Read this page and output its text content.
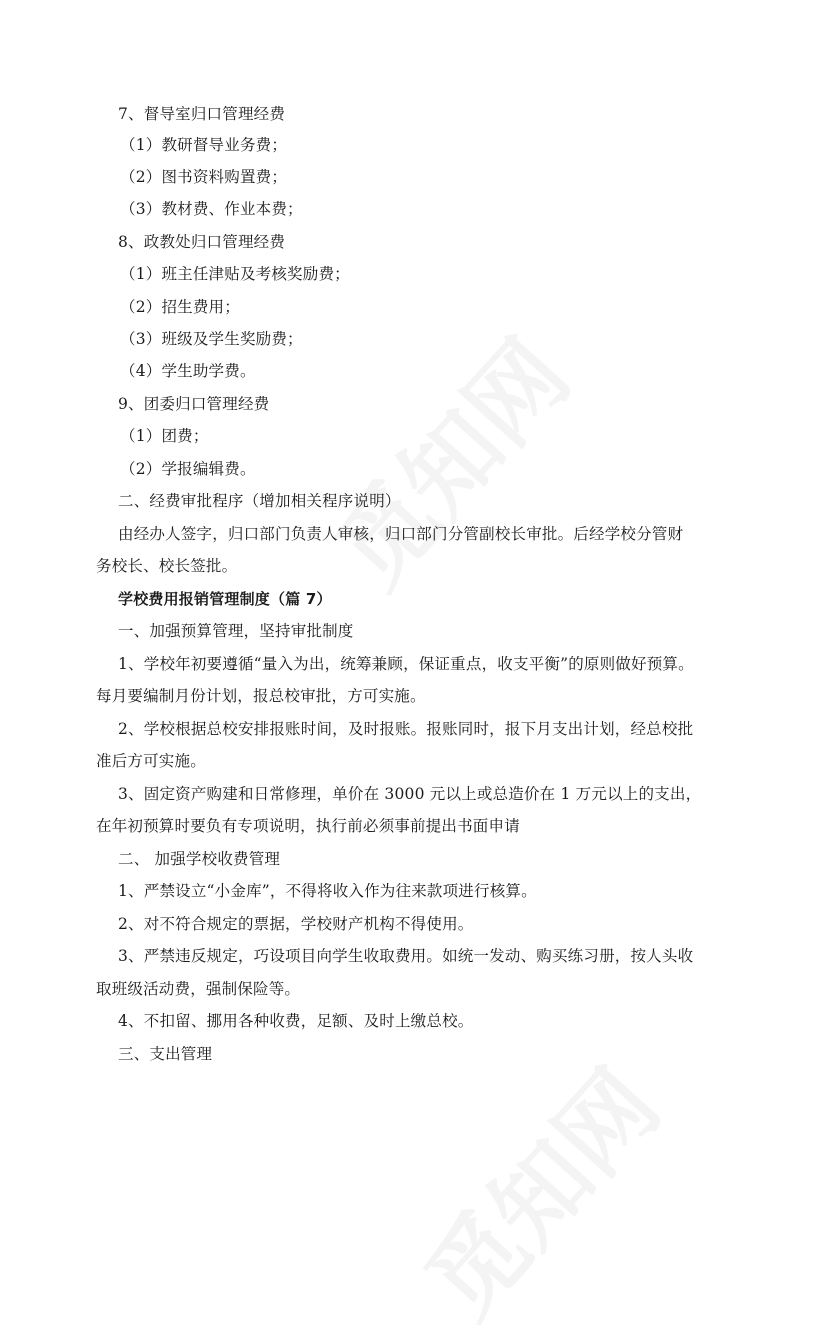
7、督导室归口管理经费
（1）教研督导业务费；
（2）图书资料购置费；
（3）教材费、作业本费；
8、政教处归口管理经费
（1）班主任津贴及考核奖励费；
（2）招生费用；
（3）班级及学生奖励费；
（4）学生助学费。
9、团委归口管理经费
（1）团费；
（2）学报编辑费。
二、经费审批程序（增加相关程序说明）
由经办人签字，归口部门负责人审核，归口部门分管副校长审批。后经学校分管财
务校长、校长签批。
学校费用报销管理制度（篇 7）
一、加强预算管理，坚持审批制度
1、学校年初要遵循“量入为出，统筹兼顾，保证重点，收支平衡”的原则做好预算。
每月要编制月份计划，报总校审批，方可实施。
2、学校根据总校安排报账时间，及时报账。报账同时，报下月支出计划，经总校批
准后方可实施。
3、固定资产购建和日常修理，单价在 3000 元以上或总造价在 1 万元以上的支出，
在年初预算时要负有专项说明，执行前必须事前提出书面申请
二、 加强学校收费管理
1、严禁设立“小金库”，不得将收入作为往来款项进行核算。
2、对不符合规定的票据，学校财产机构不得使用。
3、严禁违反规定，巧设项目向学生收取费用。如统一发动、购买练习册，按人头收
取班级活动费，强制保险等。
4、不扣留、挪用各种收费，足额、及时上缴总校。
三、支出管理
